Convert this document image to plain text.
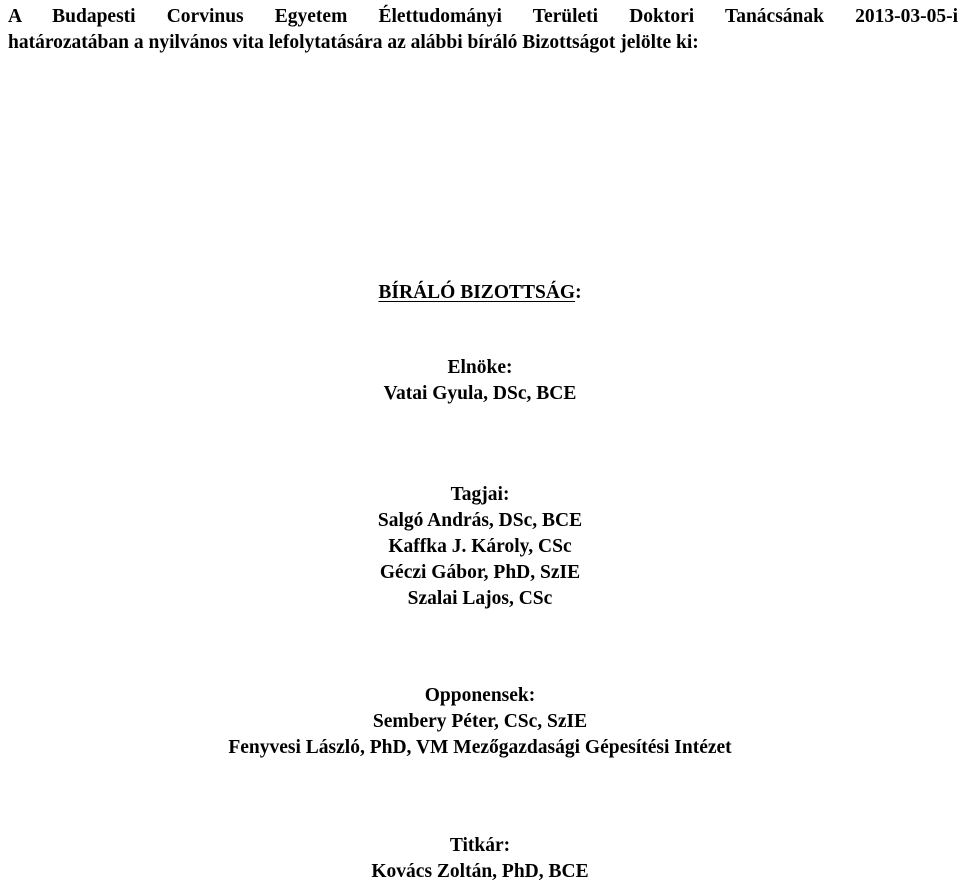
A Budapesti Corvinus Egyetem Élettudományi Területi Doktori Tanácsának 2013-03-05-i
határozatában a nyilvános vita lefolytatására az alábbi bíráló Bizottságot jelölte ki:
BÍRÁLÓ BIZOTTSÁG:
Elnöke:
Vatai Gyula, DSc, BCE
Tagjai:
Salgó András, DSc, BCE
Kaffka J. Károly, CSc
Géczi Gábor, PhD, SzIE
Szalai Lajos, CSc
Opponensek:
Sembery Péter, CSc, SzIE
Fenyvesi László, PhD, VM Mezőgazdasági Gépesítési Intézet
Titkár:
Kovács Zoltán, PhD, BCE
